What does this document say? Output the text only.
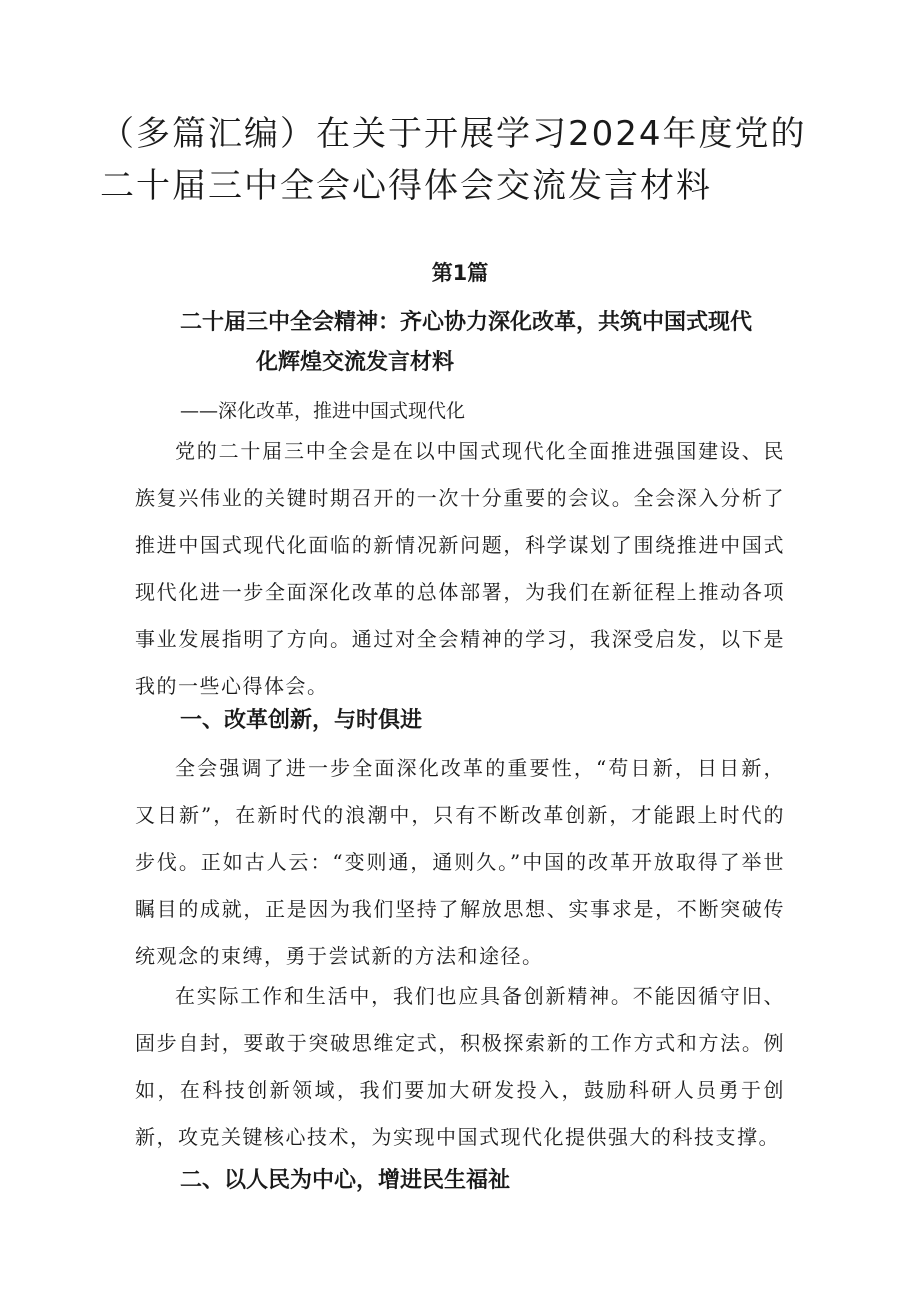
（多篇汇编）在关于开展学习2024年度党的
二十届三中全会心得体会交流发言材料

第1篇

二十届三中全会精神：齐心协力深化改革，共筑中国式现代
化辉煌交流发言材料

——深化改革，推进中国式现代化

党的二十届三中全会是在以中国式现代化全面推进强国建设、民族复兴伟业的关键时期召开的一次十分重要的会议。全会深入分析了推进中国式现代化面临的新情况新问题，科学谋划了围绕推进中国式现代化进一步全面深化改革的总体部署，为我们在新征程上推动各项事业发展指明了方向。通过对全会精神的学习，我深受启发，以下是我的一些心得体会。

一、改革创新，与时俱进

全会强调了进一步全面深化改革的重要性，“苟日新，日日新，又日新”，在新时代的浪潮中，只有不断改革创新，才能跟上时代的步伐。正如古人云：“变则通，通则久。”中国的改革开放取得了举世瞩目的成就，正是因为我们坚持了解放思想、实事求是，不断突破传统观念的束缚，勇于尝试新的方法和途径。

在实际工作和生活中，我们也应具备创新精神。不能因循守旧、固步自封，要敢于突破思维定式，积极探索新的工作方式和方法。例如，在科技创新领域，我们要加大研发投入，鼓励科研人员勇于创新，攻克关键核心技术，为实现中国式现代化提供强大的科技支撑。

二、以人民为中心，增进民生福祉
